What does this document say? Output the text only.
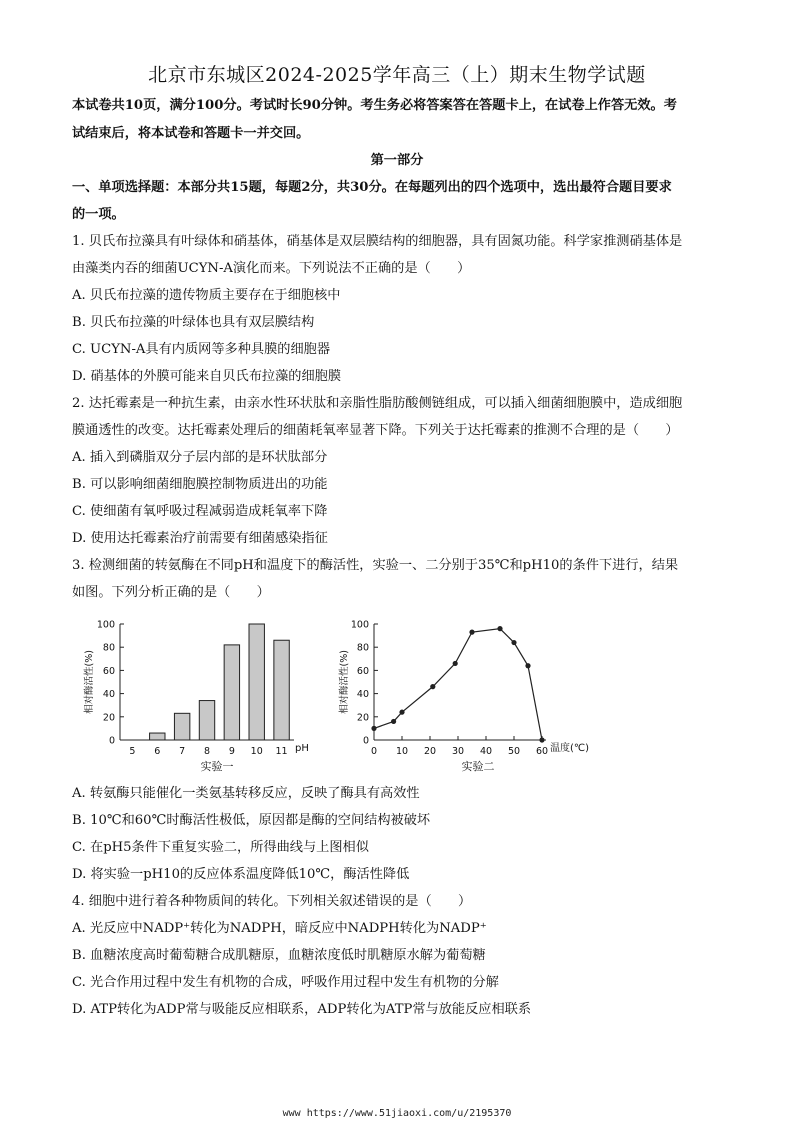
北京市东城区2024-2025学年高三（上）期末生物学试题
本试卷共10页，满分100分。考试时长90分钟。考生务必将答案答在答题卡上，在试卷上作答无效。考
试结束后，将本试卷和答题卡一并交回。
第一部分
一、单项选择题：本部分共15题，每题2分，共30分。在每题列出的四个选项中，选出最符合题目要求
的一项。
1. 贝氏布拉藻具有叶绿体和硝基体，硝基体是双层膜结构的细胞器，具有固氮功能。科学家推测硝基体是
由藻类内吞的细菌UCYN-A演化而来。下列说法不正确的是（　　）
A. 贝氏布拉藻的遗传物质主要存在于细胞核中
B. 贝氏布拉藻的叶绿体也具有双层膜结构
C. UCYN-A具有内质网等多种具膜的细胞器
D. 硝基体的外膜可能来自贝氏布拉藻的细胞膜
2. 达托霉素是一种抗生素，由亲水性环状肽和亲脂性脂肪酸侧链组成，可以插入细菌细胞膜中，造成细胞
膜通透性的改变。达托霉素处理后的细菌耗氧率显著下降。下列关于达托霉素的推测不合理的是（　　）
A. 插入到磷脂双分子层内部的是环状肽部分
B. 可以影响细菌细胞膜控制物质进出的功能
C. 使细菌有氧呼吸过程减弱造成耗氧率下降
D. 使用达托霉素治疗前需要有细菌感染指征
3. 检测细菌的转氨酶在不同pH和温度下的酶活性，实验一、二分别于35℃和pH10的条件下进行，结果
如图。下列分析正确的是（　　）
0
20
40
60
80
100
5 6 7 8 9 10 11 pH
相对酶活性(%)
实验一
0
20
40
60
80
100
0 10 20 30 40 50 60 温度(℃)
相对酶活性(%)
实验二
A. 转氨酶只能催化一类氨基转移反应，反映了酶具有高效性
B. 10℃和60℃时酶活性极低，原因都是酶的空间结构被破坏
C. 在pH5条件下重复实验二，所得曲线与上图相似
D. 将实验一pH10的反应体系温度降低10℃，酶活性降低
4. 细胞中进行着各种物质间的转化。下列相关叙述错误的是（　　）
A. 光反应中NADP⁺转化为NADPH，暗反应中NADPH转化为NADP⁺
B. 血糖浓度高时葡萄糖合成肌糖原，血糖浓度低时肌糖原水解为葡萄糖
C. 光合作用过程中发生有机物的合成，呼吸作用过程中发生有机物的分解
D. ATP转化为ADP常与吸能反应相联系，ADP转化为ATP常与放能反应相联系
www https://www.51jiaoxi.com/u/2195370
